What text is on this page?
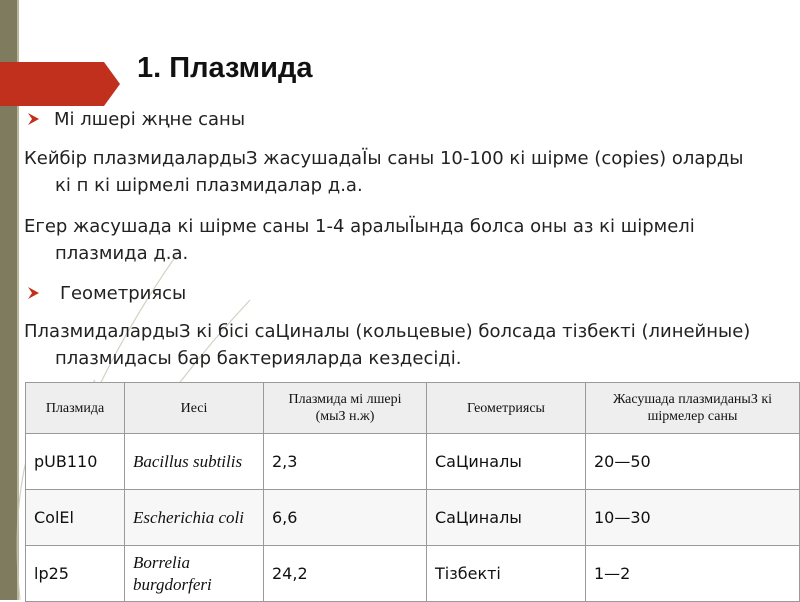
1. Плазмида
Мі лшері жңне саны
Кейбір плазмидалардыЗ жасушадаЇы саны 10-100 кі шірме (copies) оларды
кі п кі шірмелі плазмидалар д.а.
Егер жасушада кі шірме саны 1-4 аралыЇында болса оны аз кі шірмелі
плазмида д.а.
Геометриясы
ПлазмидалардыЗ кі бісі саЦиналы (кольцевые) болсада тізбекті (линейные)
плазмидасы бар бактерияларда кездесіді.
Плазмида	Иесі	Плазмида мі лшері (мыЗ н.ж)	Геометриясы	Жасушада плазмиданыЗ кі шірмелер саны
pUB110	Bacillus subtilis	2,3	СаЦиналы	20—50
ColEl	Escherichia coli	6,6	СаЦиналы	10—30
lp25	Borrelia burgdorferi	24,2	Тізбекті	1—2
